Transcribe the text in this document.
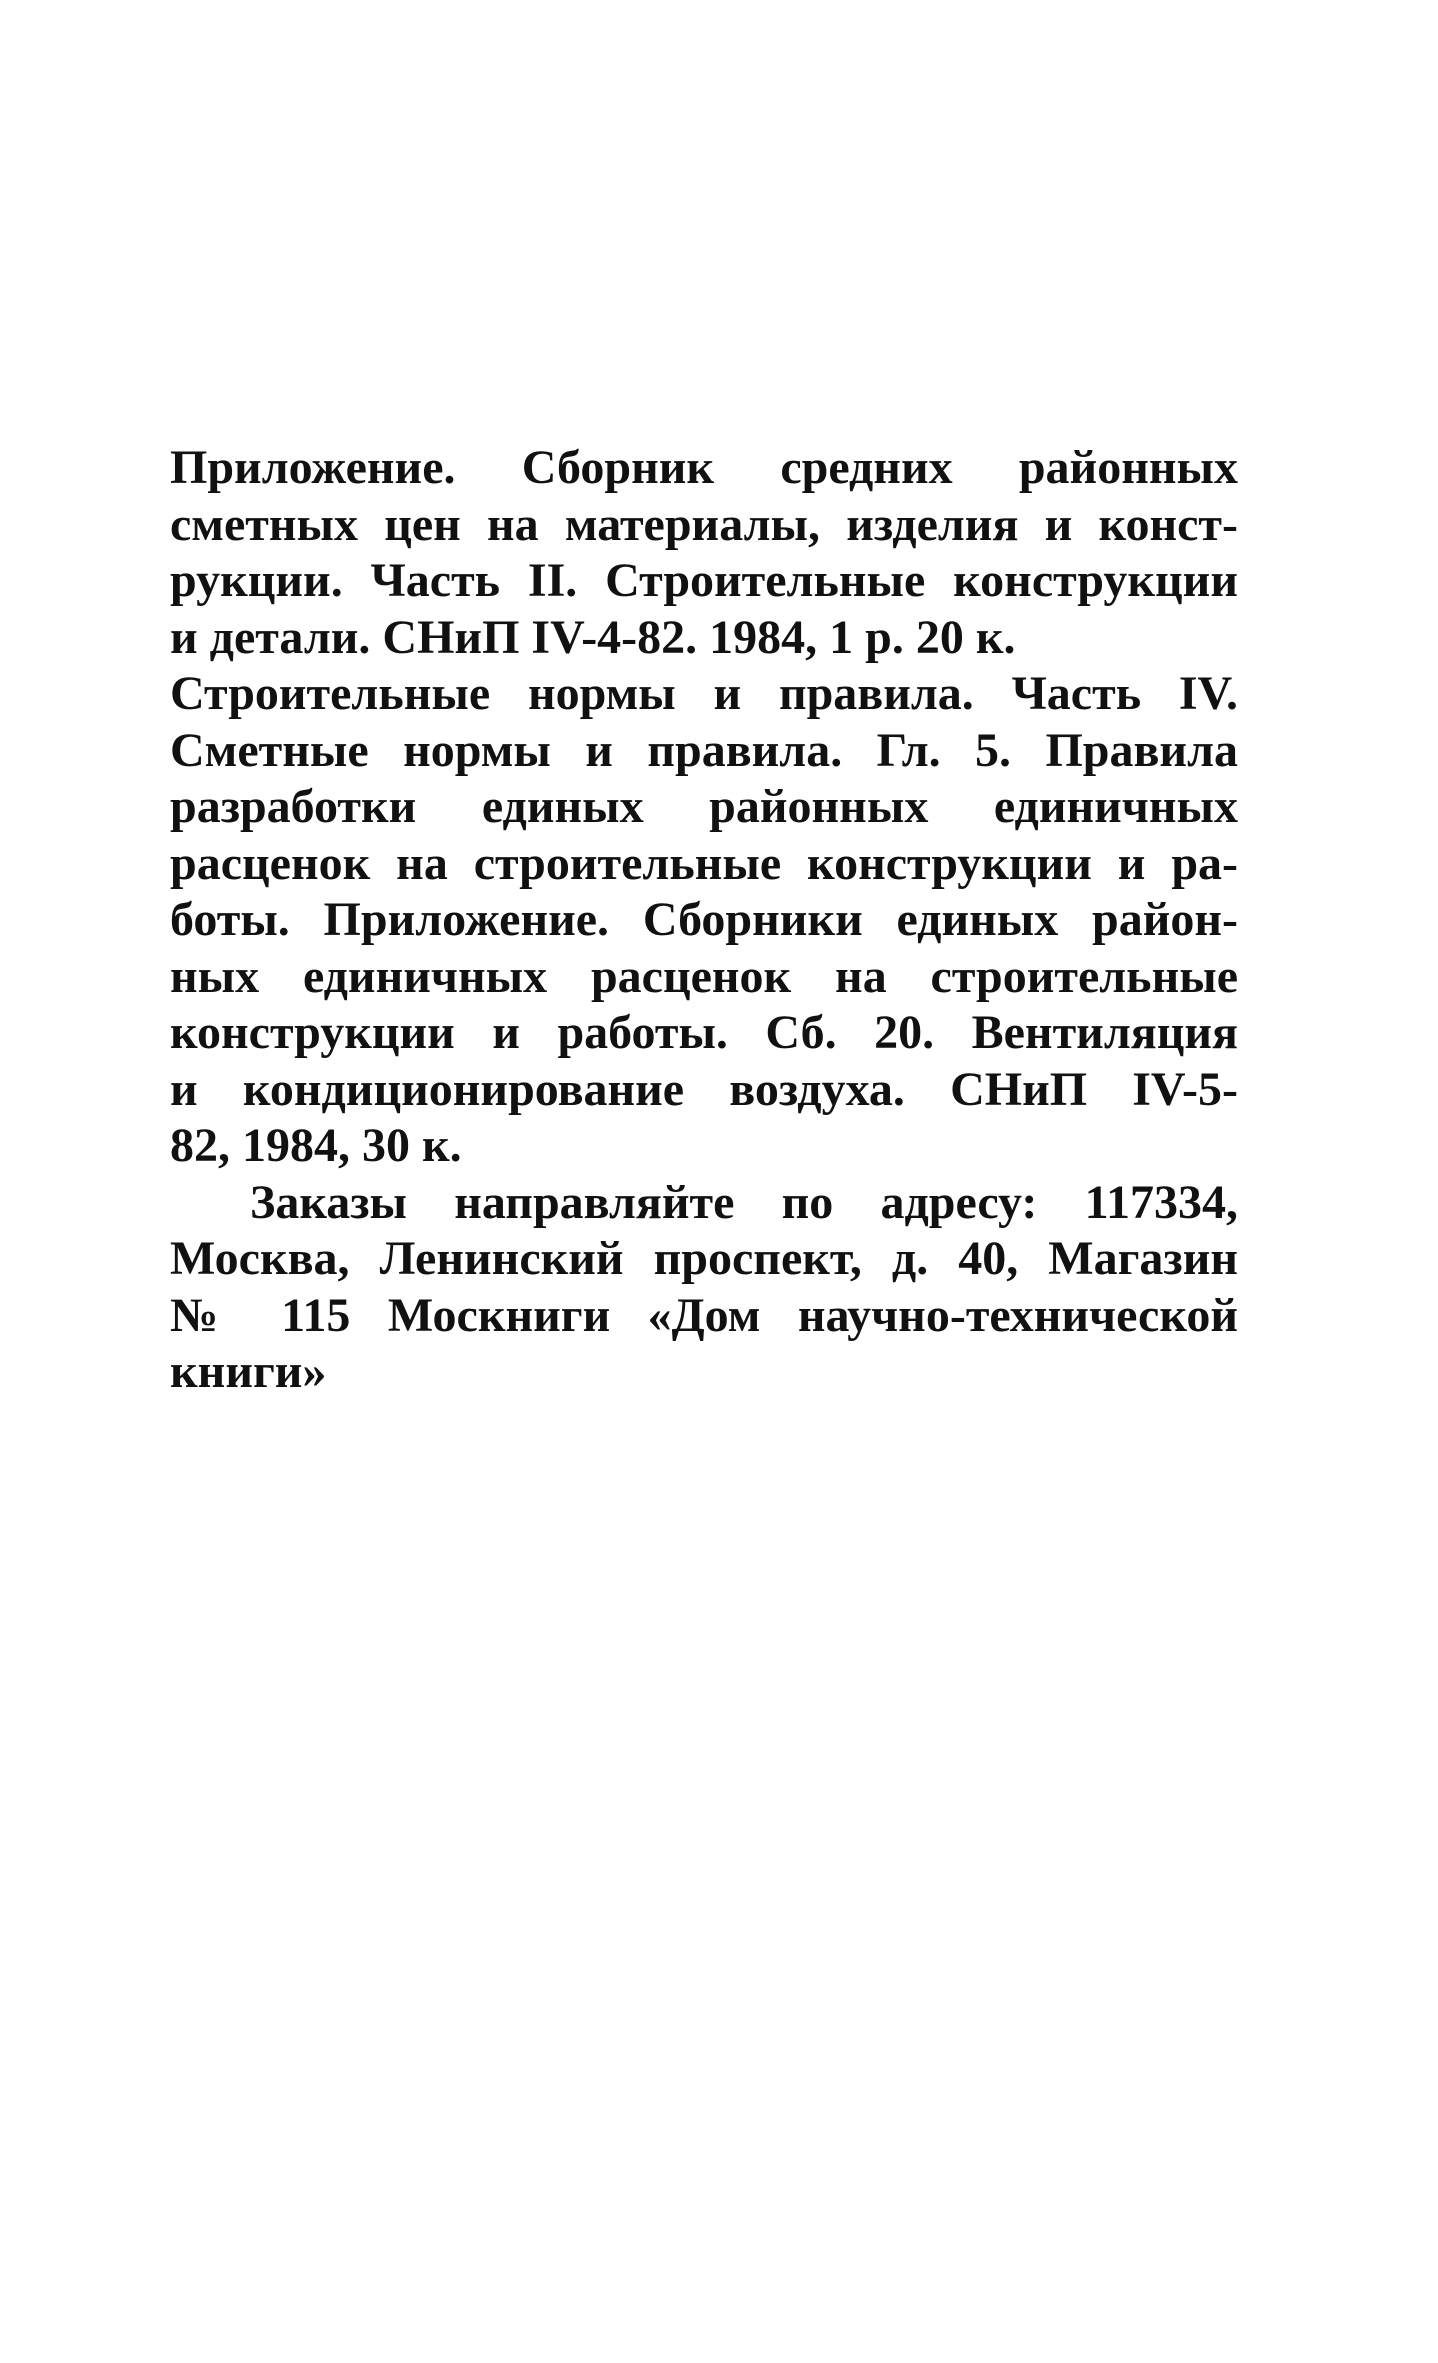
Приложение. Сборник средних районных
сметных цен на материалы, изделия и конст-
рукции. Часть II. Строительные конструкции
и детали. СНиП IV-4-82. 1984, 1 р. 20 к.
Строительные нормы и правила. Часть IV.
Сметные нормы и правила. Гл. 5. Правила
разработки единых районных единичных
расценок на строительные конструкции и ра-
боты. Приложение. Сборники единых район-
ных единичных расценок на строительные
конструкции и работы. Сб. 20. Вентиляция
и кондиционирование воздуха. СНиП IV-5-
82, 1984, 30 к.
Заказы направляйте по адресу: 117334,
Москва, Ленинский проспект, д. 40, Магазин
№ 115 Москниги «Дом научно-технической
книги»
